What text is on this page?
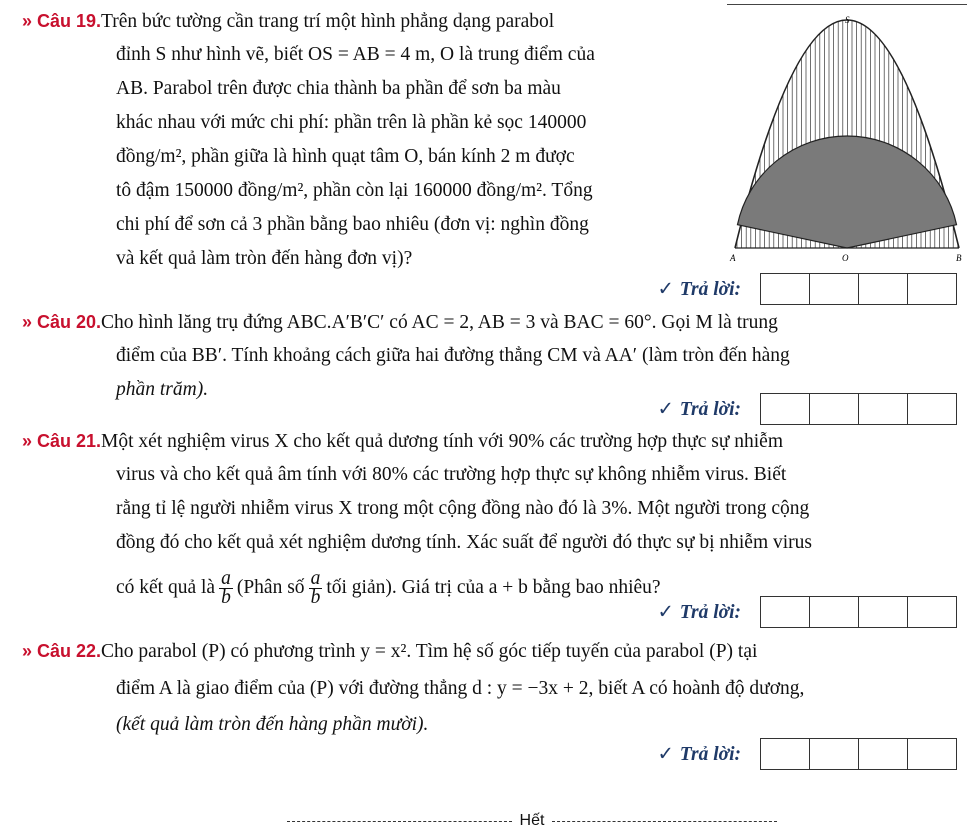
» Câu 19.Trên bức tường cần trang trí một hình phẳng dạng parabol
đỉnh S như hình vẽ, biết OS = AB = 4 m, O là trung điểm của
AB. Parabol trên được chia thành ba phần để sơn ba màu
khác nhau với mức chi phí: phần trên là phần kẻ sọc 140000
đồng/m², phần giữa là hình quạt tâm O, bán kính 2 m được
tô đậm 150000 đồng/m², phần còn lại 160000 đồng/m². Tổng
chi phí để sơn cả 3 phần bằng bao nhiêu (đơn vị: nghìn đồng
và kết quả làm tròn đến hàng đơn vị)?
S
A	O	B
✓ Trả lời:
» Câu 20.Cho hình lăng trụ đứng ABC.A′B′C′ có AC = 2, AB = 3 và BAC = 60°. Gọi M là trung
điểm của BB′. Tính khoảng cách giữa hai đường thẳng CM và AA′ (làm tròn đến hàng
phần trăm).
✓ Trả lời:
» Câu 21.Một xét nghiệm virus X cho kết quả dương tính với 90% các trường hợp thực sự nhiễm
virus và cho kết quả âm tính với 80% các trường hợp thực sự không nhiễm virus. Biết
rằng tỉ lệ người nhiễm virus X trong một cộng đồng nào đó là 3%. Một người trong cộng
đồng đó cho kết quả xét nghiệm dương tính. Xác suất để người đó thực sự bị nhiễm virus
có kết quả là $\frac{a}{b}$ (Phân số $\frac{a}{b}$ tối giản). Giá trị của a + b bằng bao nhiêu?
✓ Trả lời:
» Câu 22.Cho parabol (P) có phương trình y = x². Tìm hệ số góc tiếp tuyến của parabol (P) tại
điểm A là giao điểm của (P) với đường thẳng d : y = −3x + 2, biết A có hoành độ dương,
(kết quả làm tròn đến hàng phần mười).
✓ Trả lời:
Hết
